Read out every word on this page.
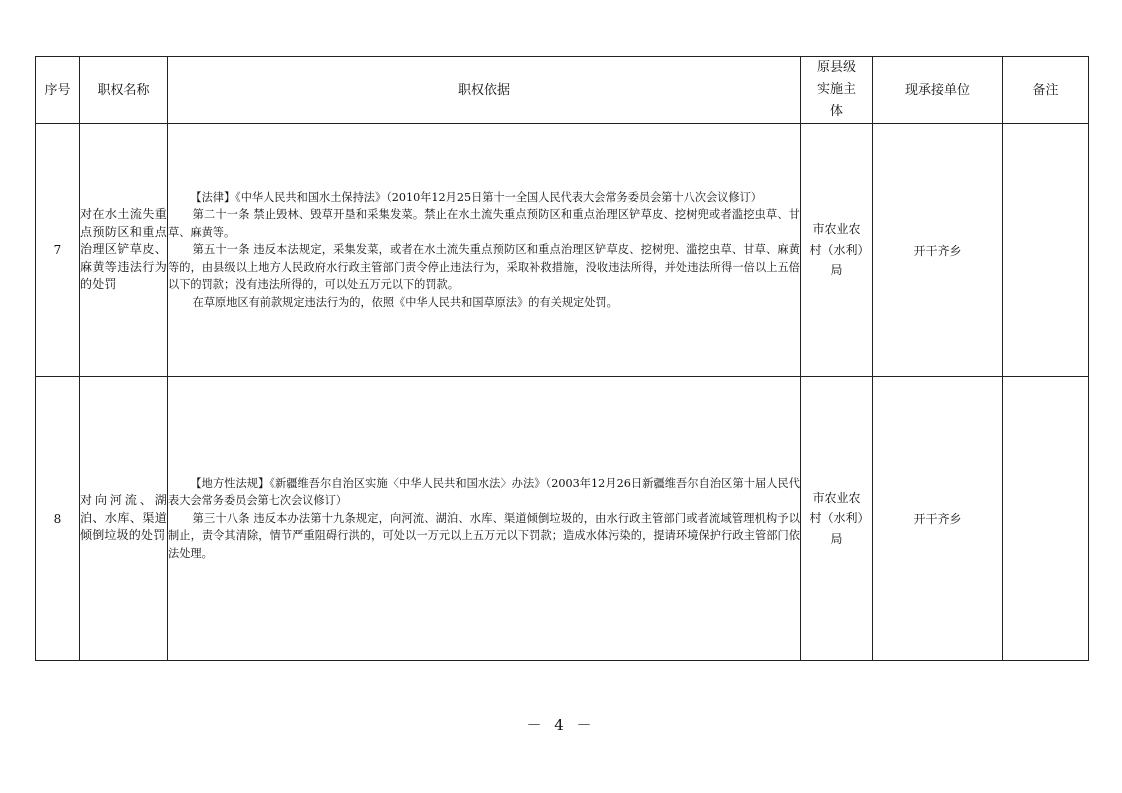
序号	职权名称	职权依据	原县级实施主体	现承接单位	备注
7	对在水土流失重点预防区和重点治理区铲草皮、麻黄等违法行为的处罚	【法律】《中华人民共和国水土保持法》（2010年12月25日第十一全国人民代表大会常务委员会第十八次会议修订）

第二十一条 禁止毁林、毁草开垦和采集发菜。禁止在水土流失重点预防区和重点治理区铲草皮、挖树兜或者滥挖虫草、甘草、麻黄等。

第五十一条 违反本法规定，采集发菜，或者在水土流失重点预防区和重点治理区铲草皮、挖树兜、滥挖虫草、甘草、麻黄等的，由县级以上地方人民政府水行政主管部门责令停止违法行为，采取补救措施，没收违法所得，并处违法所得一倍以上五倍以下的罚款；没有违法所得的，可以处五万元以下的罚款。

在草原地区有前款规定违法行为的，依照《中华人民共和国草原法》的有关规定处罚。	市农业农村（水利）局	开干齐乡	
8	对向河流、湖泊、水库、渠道倾倒垃圾的处罚	【地方性法规】《新疆维吾尔自治区实施〈中华人民共和国水法〉办法》（2003年12月26日新疆维吾尔自治区第十届人民代表大会常务委员会第七次会议修订）

第三十八条 违反本办法第十九条规定，向河流、湖泊、水库、渠道倾倒垃圾的，由水行政主管部门或者流域管理机构予以制止，责令其清除，情节严重阻碍行洪的，可处以一万元以上五万元以下罚款；造成水体污染的，提请环境保护行政主管部门依法处理。	市农业农村（水利）局	开干齐乡	
－ 4 －
